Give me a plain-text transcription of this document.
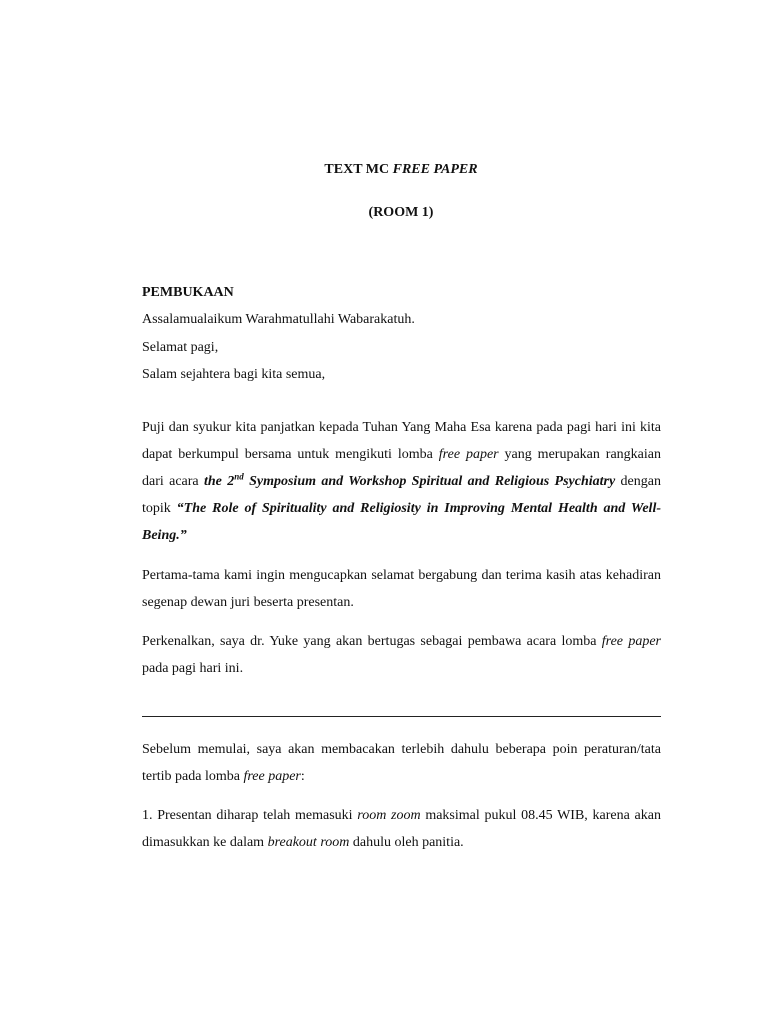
TEXT MC FREE PAPER

(ROOM 1)

PEMBUKAAN

Assalamualaikum Warahmatullahi Wabarakatuh.

Selamat pagi,

Salam sejahtera bagi kita semua,

Puji dan syukur kita panjatkan kepada Tuhan Yang Maha Esa karena pada pagi hari ini kita dapat berkumpul bersama untuk mengikuti lomba free paper yang merupakan rangkaian dari acara the 2nd Symposium and Workshop Spiritual and Religious Psychiatry dengan topik “The Role of Spirituality and Religiosity in Improving Mental Health and Well-Being.”

Pertama-tama kami ingin mengucapkan selamat bergabung dan terima kasih atas kehadiran segenap dewan juri beserta presentan.

Perkenalkan, saya dr. Yuke yang akan bertugas sebagai pembawa acara lomba free paper pada pagi hari ini.

Sebelum memulai, saya akan membacakan terlebih dahulu beberapa poin peraturan/tata tertib pada lomba free paper:

1. Presentan diharap telah memasuki room zoom maksimal pukul 08.45 WIB, karena akan dimasukkan ke dalam breakout room dahulu oleh panitia.
